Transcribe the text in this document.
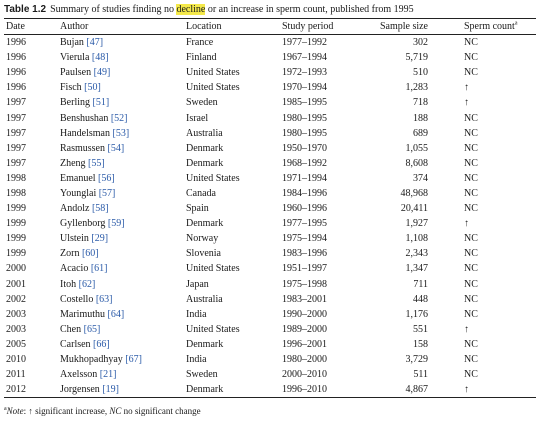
Table 1.2 Summary of studies finding no decline or an increase in sperm count, published from 1995
Date	Author	Location	Study period	Sample size	Sperm count$^a$
1996	Bujan [47]	France	1977–1992	302	NC
1996	Vierula [48]	Finland	1967–1994	5,719	NC
1996	Paulsen [49]	United States	1972–1993	510	NC
1996	Fisch [50]	United States	1970–1994	1,283	↑
1997	Berling [51]	Sweden	1985–1995	718	↑
1997	Benshushan [52]	Israel	1980–1995	188	NC
1997	Handelsman [53]	Australia	1980–1995	689	NC
1997	Rasmussen [54]	Denmark	1950–1970	1,055	NC
1997	Zheng [55]	Denmark	1968–1992	8,608	NC
1998	Emanuel [56]	United States	1971–1994	374	NC
1998	Younglai [57]	Canada	1984–1996	48,968	NC
1999	Andolz [58]	Spain	1960–1996	20,411	NC
1999	Gyllenborg [59]	Denmark	1977–1995	1,927	↑
1999	Ulstein [29]	Norway	1975–1994	1,108	NC
1999	Zorn [60]	Slovenia	1983–1996	2,343	NC
2000	Acacio [61]	United States	1951–1997	1,347	NC
2001	Itoh [62]	Japan	1975–1998	711	NC
2002	Costello [63]	Australia	1983–2001	448	NC
2003	Marimuthu [64]	India	1990–2000	1,176	NC
2003	Chen [65]	United States	1989–2000	551	↑
2005	Carlsen [66]	Denmark	1996–2001	158	NC
2010	Mukhopadhyay [67]	India	1980–2000	3,729	NC
2011	Axelsson [21]	Sweden	2000–2010	511	NC
2012	Jorgensen [19]	Denmark	1996–2010	4,867	↑
$^a$Note: ↑ significant increase, NC no significant change
